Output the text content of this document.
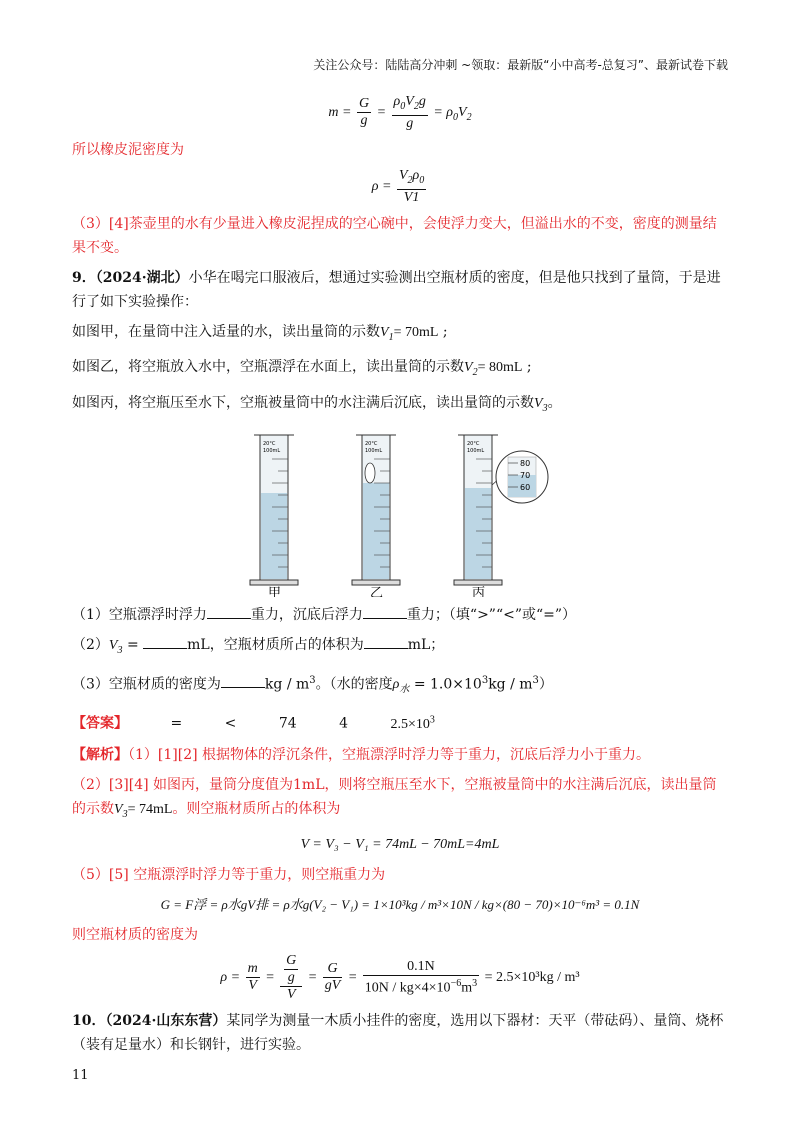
关注公众号：陆陆高分冲刺 ~领取：最新版“小中高考-总复习”、最新试卷下载
$m = \frac{G}{g} = \frac{\rho_0V_2g}{g} = \rho_0V_2$
所以橡皮泥密度为
$\rho = \frac{V_2\rho_0}{V1}$
（3）[4]茶壶里的水有少量进入橡皮泥捏成的空心碗中，会使浮力变大，但溢出水的不变，密度的测量结果不变。
9．（2024·湖北）小华在喝完口服液后，想通过实验测出空瓶材质的密度，但是他只找到了量筒，于是进行了如下实验操作：
如图甲，在量筒中注入适量的水，读出量筒的示数$V_1= 70mL$ ;
如图乙，将空瓶放入水中，空瓶漂浮在水面上，读出量筒的示数$V_2= 80mL$ ;
如图丙，将空瓶压至水下，空瓶被量筒中的水注满后沉底，读出量筒的示数$V_3$。
20°C
100mL
20°C
100mL
20°C
100mL
80
70
60
甲	乙	丙
（1）空瓶漂浮时浮力	重力，沉底后浮力	重力；（填“>”“<”或“=”）
$(2)V_3$ =	mL，空瓶材质所占的体积为	mL；
（3）空瓶材质的密度为	kg / $m^3$。（水的密度$\rho_水 = 1.0\times 10^3kg / m^3$）
【答案】	=	<	74	4	$2.5\times 10^3$
【解析】（1）[1][2] 根据物体的浮沉条件，空瓶漂浮时浮力等于重力，沉底后浮力小于重力。
（2）[3][4] 如图丙，量筒分度值为1mL，则将空瓶压至水下，空瓶被量筒中的水注满后沉底，读出量筒的示数$V_3= 74mL$。则空瓶材质所占的体积为
V = V₃ − V₁ = 74mL − 70mL=4mL
（5）[5] 空瓶漂浮时浮力等于重力，则空瓶重力为
G = F浮 = ρ水gV排 = ρ水g(V₂ − V₁) = 1×10³kg / m³×10N / kg×(80 − 70)×10⁻⁶m³ = 0.1N
则空瓶材质的密度为
$\rho = \frac{m}{V} = \frac{\frac{G}{g}}{V} = \frac{G}{gV} = \frac{0.1N}{10N / kg\times 4\times 10^{-6}m^3} = 2.5\times 10^3kg / m^3$
10．（2024·山东东营）某同学为测量一木质小挂件的密度，选用以下器材：天平（带砝码）、量筒、烧杯（装有足量水）和长钢针，进行实验。
11
